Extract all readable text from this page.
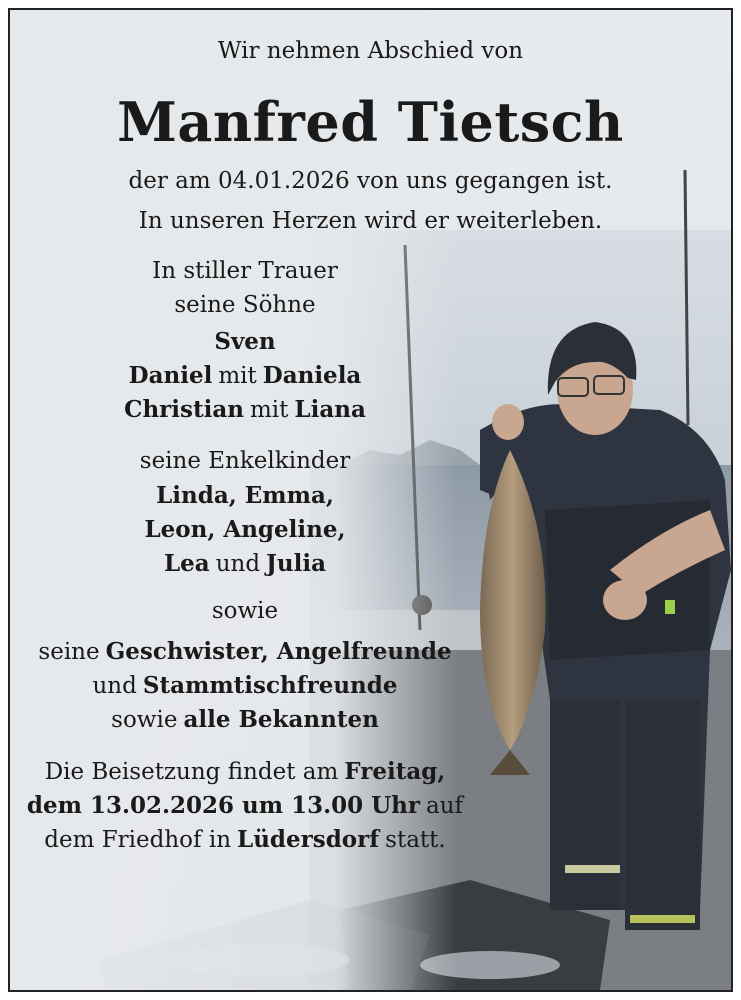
Wir nehmen Abschied von
Manfred Tietsch
der am 04.01.2026 von uns gegangen ist.
In unseren Herzen wird er weiterleben.
In stiller Trauer
seine Söhne
Sven
Daniel mit Daniela
Christian mit Liana
seine Enkelkinder
Linda, Emma,
Leon, Angeline,
Lea und Julia
sowie
seine Geschwister, Angelfreunde
und Stammtischfreunde
sowie alle Bekannten
Die Beisetzung findet am Freitag,
dem 13.02.2026 um 13.00 Uhr auf
dem Friedhof in Lüdersdorf statt.
